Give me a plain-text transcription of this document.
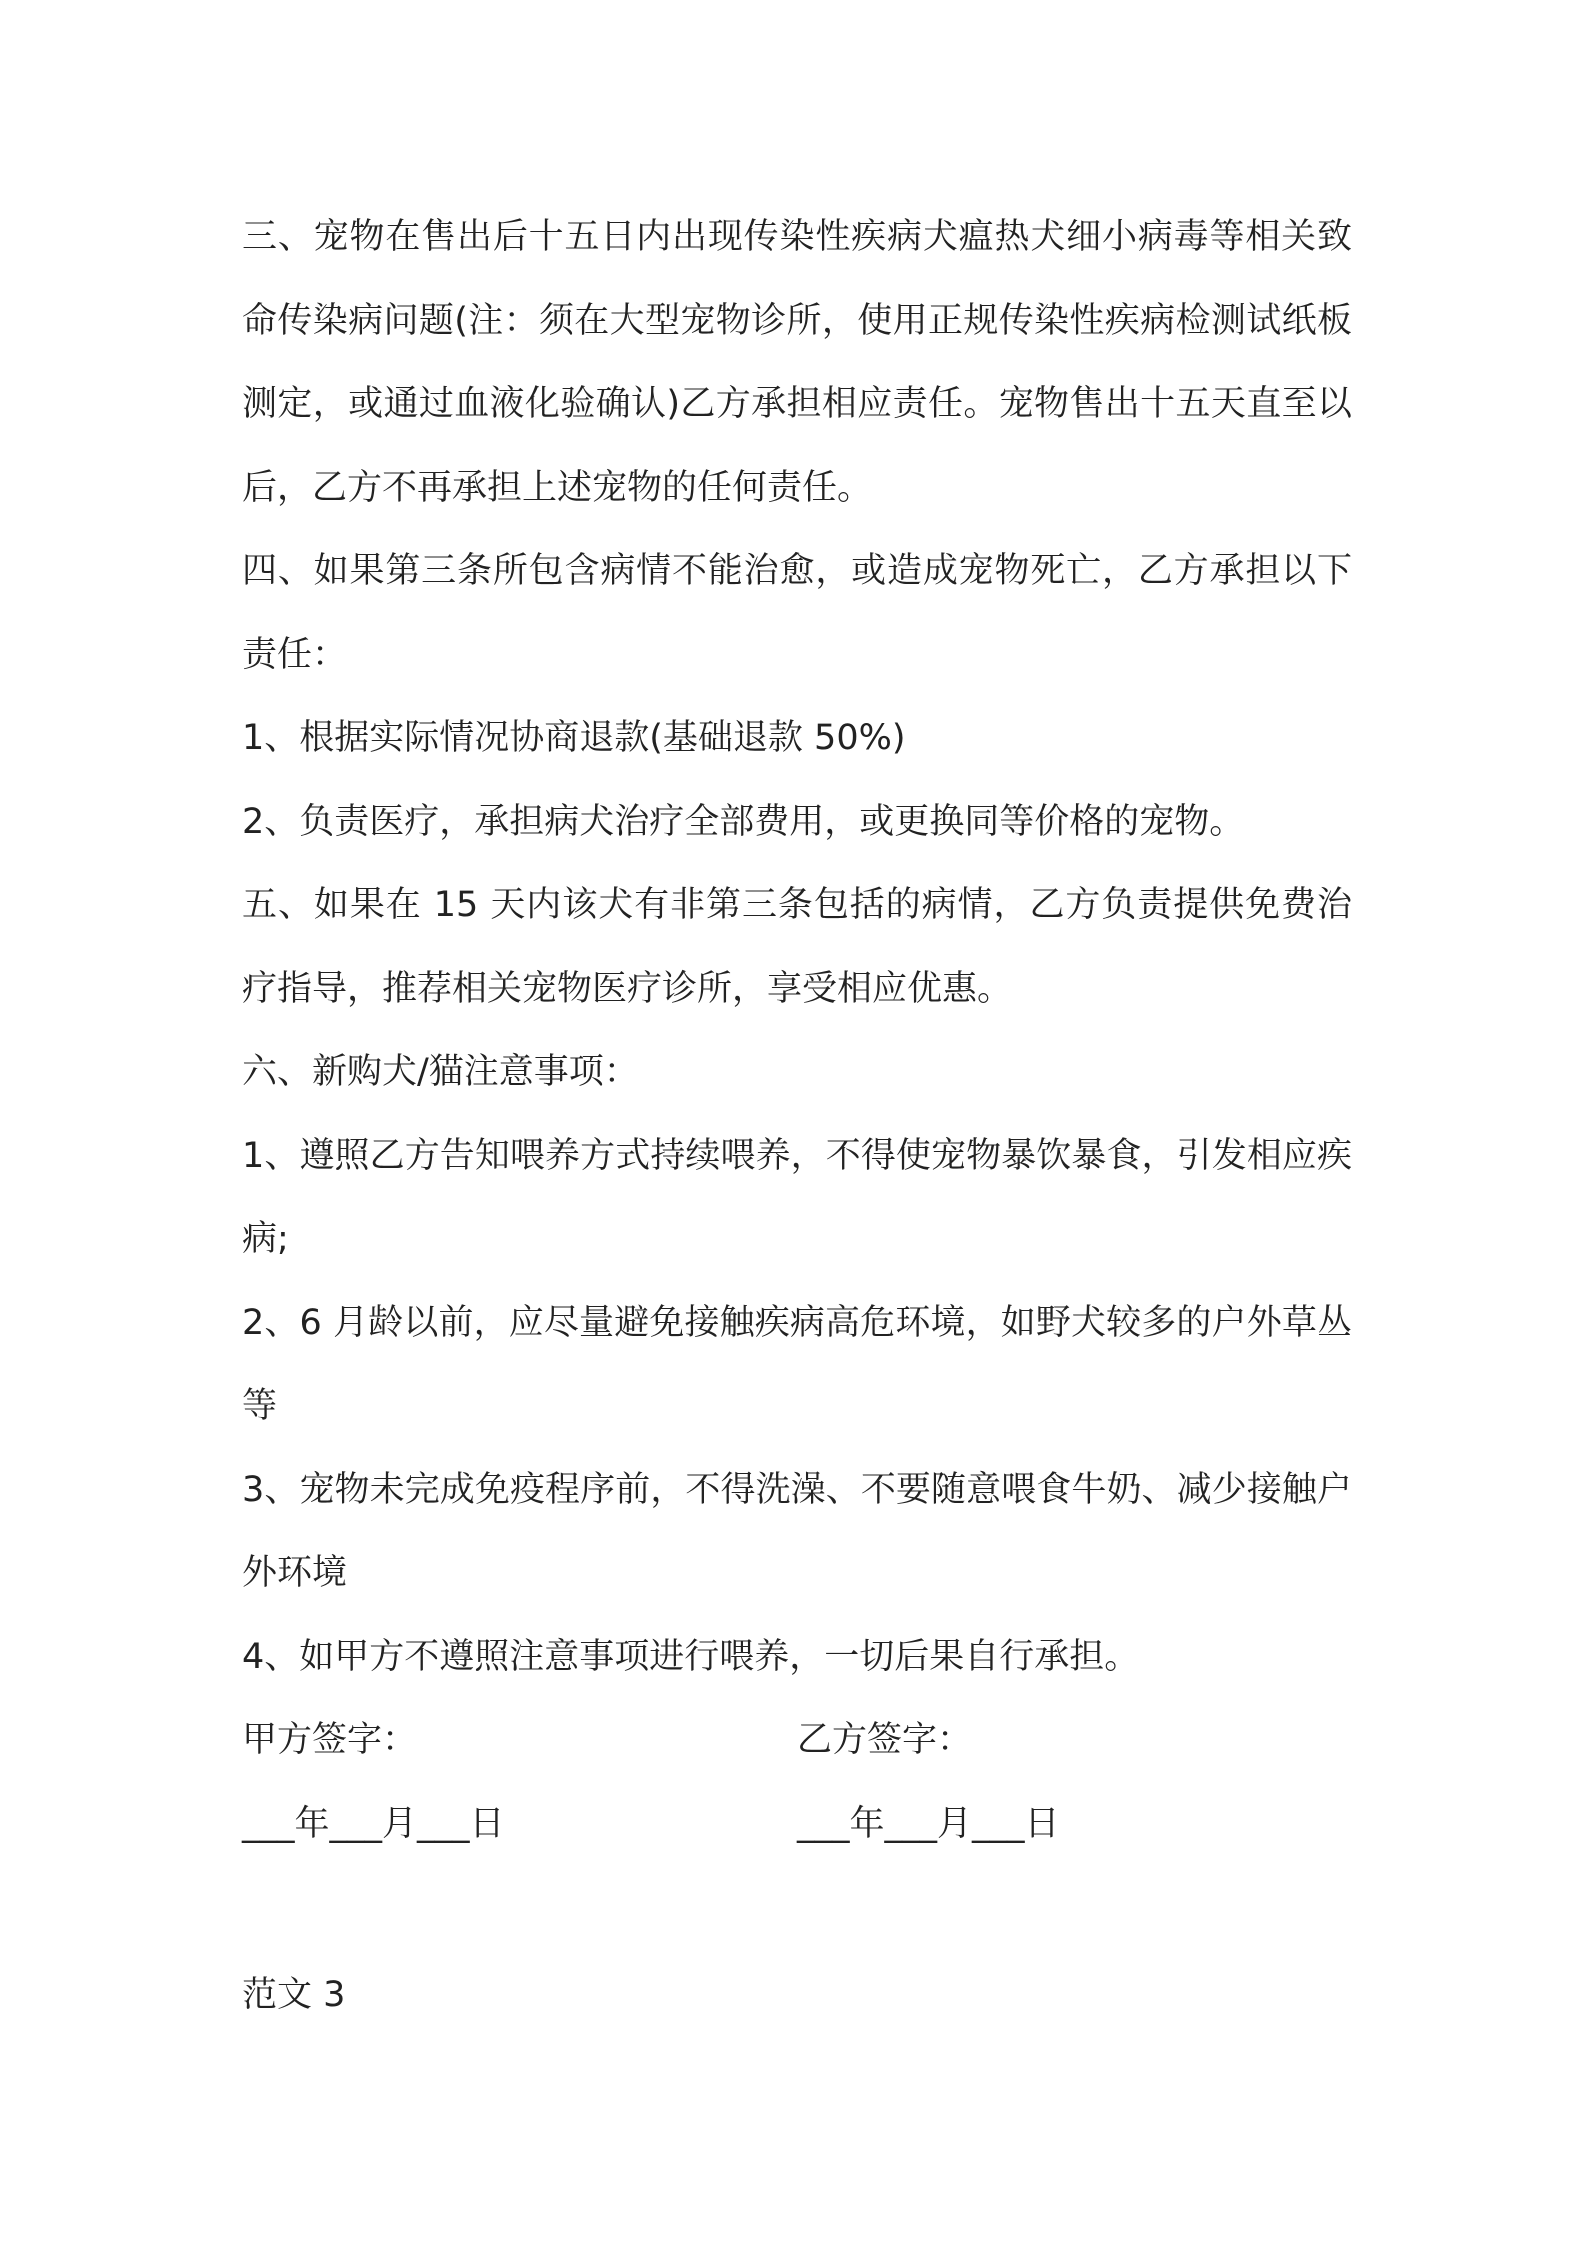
三、宠物在售出后十五日内出现传染性疾病犬瘟热犬细小病毒等相关致命传染病问题(注：须在大型宠物诊所，使用正规传染性疾病检测试纸板测定，或通过血液化验确认)乙方承担相应责任。宠物售出十五天直至以后，乙方不再承担上述宠物的任何责任。

四、如果第三条所包含病情不能治愈，或造成宠物死亡，乙方承担以下责任：

1、根据实际情况协商退款(基础退款 50%)

2、负责医疗，承担病犬治疗全部费用，或更换同等价格的宠物。

五、如果在 15 天内该犬有非第三条包括的病情，乙方负责提供免费治疗指导，推荐相关宠物医疗诊所，享受相应优惠。

六、新购犬/猫注意事项：

1、遵照乙方告知喂养方式持续喂养，不得使宠物暴饮暴食，引发相应疾病;

2、6 月龄以前，应尽量避免接触疾病高危环境，如野犬较多的户外草丛等

3、宠物未完成免疫程序前，不得洗澡、不要随意喂食牛奶、减少接触户外环境

4、如甲方不遵照注意事项进行喂养，一切后果自行承担。

甲方签字：	乙方签字：
___年___月___日	___年___月___日

范文 3
